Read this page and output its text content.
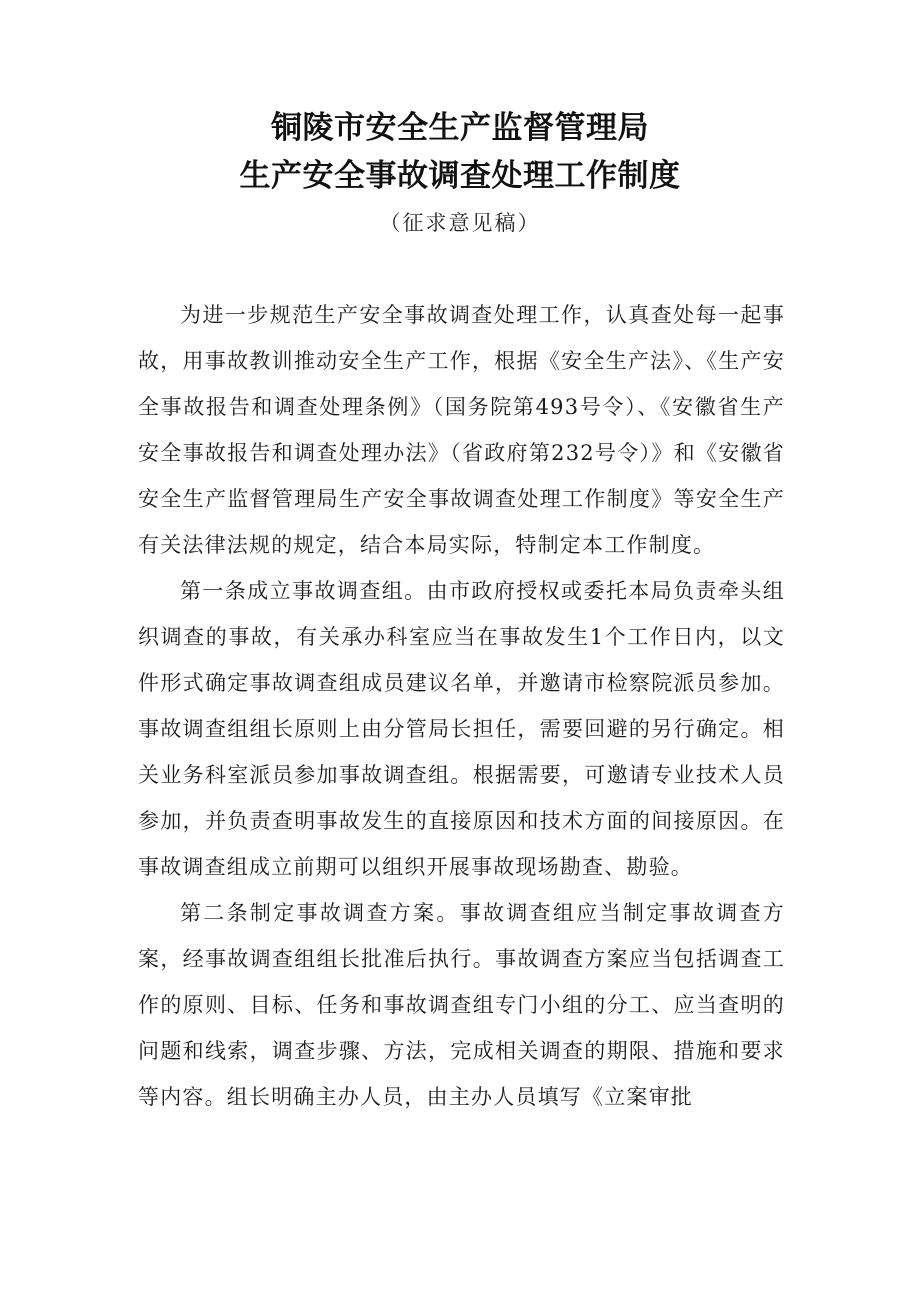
铜陵市安全生产监督管理局
生产安全事故调查处理工作制度
（征求意见稿）

为进一步规范生产安全事故调查处理工作，认真查处每一起事故，用事故教训推动安全生产工作，根据《安全生产法》、《生产安全事故报告和调查处理条例》（国务院第493号令）、《安徽省生产安全事故报告和调查处理办法》（省政府第232号令）》和《安徽省安全生产监督管理局生产安全事故调查处理工作制度》等安全生产有关法律法规的规定，结合本局实际，特制定本工作制度。

第一条成立事故调查组。由市政府授权或委托本局负责牵头组织调查的事故，有关承办科室应当在事故发生1个工作日内，以文件形式确定事故调查组成员建议名单，并邀请市检察院派员参加。事故调查组组长原则上由分管局长担任，需要回避的另行确定。相关业务科室派员参加事故调查组。根据需要，可邀请专业技术人员参加，并负责查明事故发生的直接原因和技术方面的间接原因。在事故调查组成立前期可以组织开展事故现场勘查、勘验。

第二条制定事故调查方案。事故调查组应当制定事故调查方案，经事故调查组组长批准后执行。事故调查方案应当包括调查工作的原则、目标、任务和事故调查组专门小组的分工、应当查明的问题和线索，调查步骤、方法，完成相关调查的期限、措施和要求等内容。组长明确主办人员，由主办人员填写《立案审批
